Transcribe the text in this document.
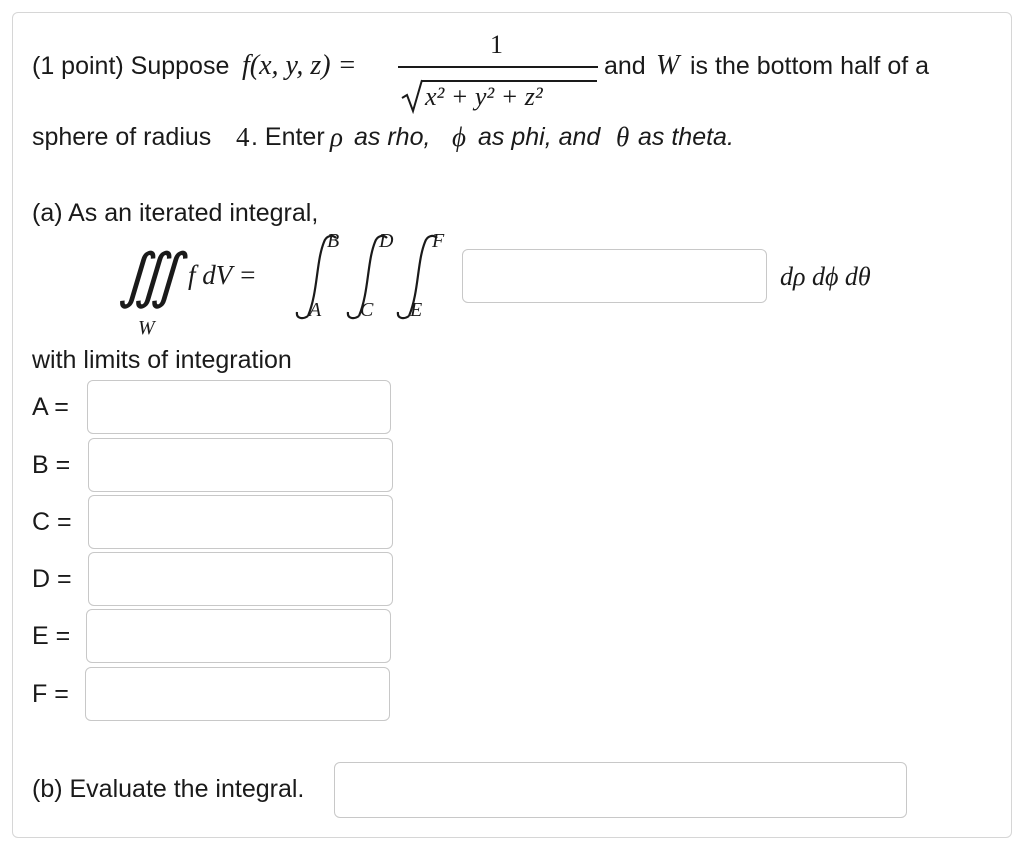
(1 point) Suppose f(x, y, z) =
1
x² + y² + z²
and W is the bottom half of a
sphere of radius 4 . Enter ρ as rho, ϕ as phi, and θ as theta.
(a) As an iterated integral,
∭
W
f dV =
B
A
D
C
F
E
dρ dϕ dθ
with limits of integration
A =
B =
C =
D =
E =
F =
(b) Evaluate the integral.
